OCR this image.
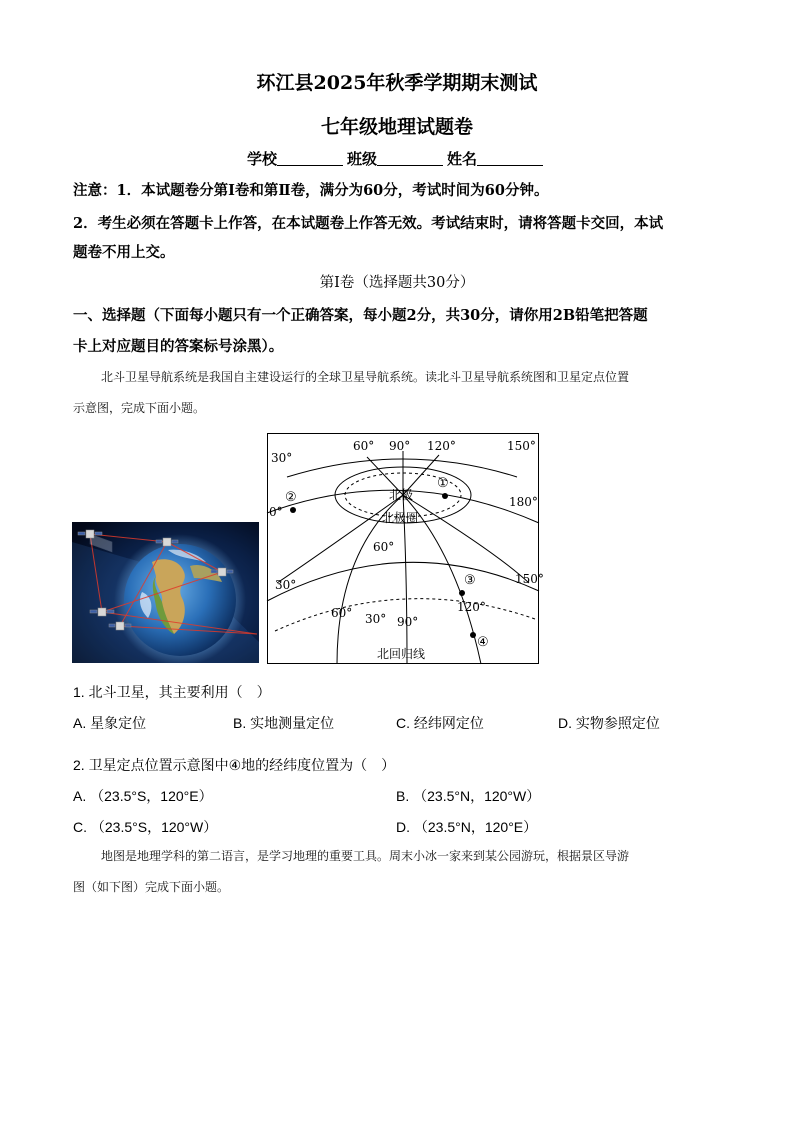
环江县2025年秋季学期期末测试
七年级地理试题卷
学校	班级	姓名
注意：1．本试题卷分第Ⅰ卷和第Ⅱ卷，满分为60分，考试时间为60分钟。
2．考生必须在答题卡上作答，在本试题卷上作答无效。考试结束时，请将答题卡交回，本试
题卷不用上交。
第Ⅰ卷（选择题共30分）
一、选择题（下面每小题只有一个正确答案，每小题2分，共30分，请你用2B铅笔把答题
卡上对应题目的答案标号涂黑）。
北斗卫星导航系统是我国自主建设运行的全球卫星导航系统。读北斗卫星导航系统图和卫星定点位置
示意图，完成下面小题。
60° 90° 120°	150°
30°
0°
180°
北极
北极圈
60°
30°
60° 30° 90°
120°
150°
北回归线
①
②
③
④
1. 北斗卫星，其主要利用（　）
A. 星象定位	B. 实地测量定位	C. 经纬网定位	D. 实物参照定位
2. 卫星定点位置示意图中④地的经纬度位置为（　）
A. （23.5°S，120°E）	B. （23.5°N，120°W）
C. （23.5°S，120°W）	D. （23.5°N，120°E）
地图是地理学科的第二语言，是学习地理的重要工具。周末小冰一家来到某公园游玩，根据景区导游
图（如下图）完成下面小题。
